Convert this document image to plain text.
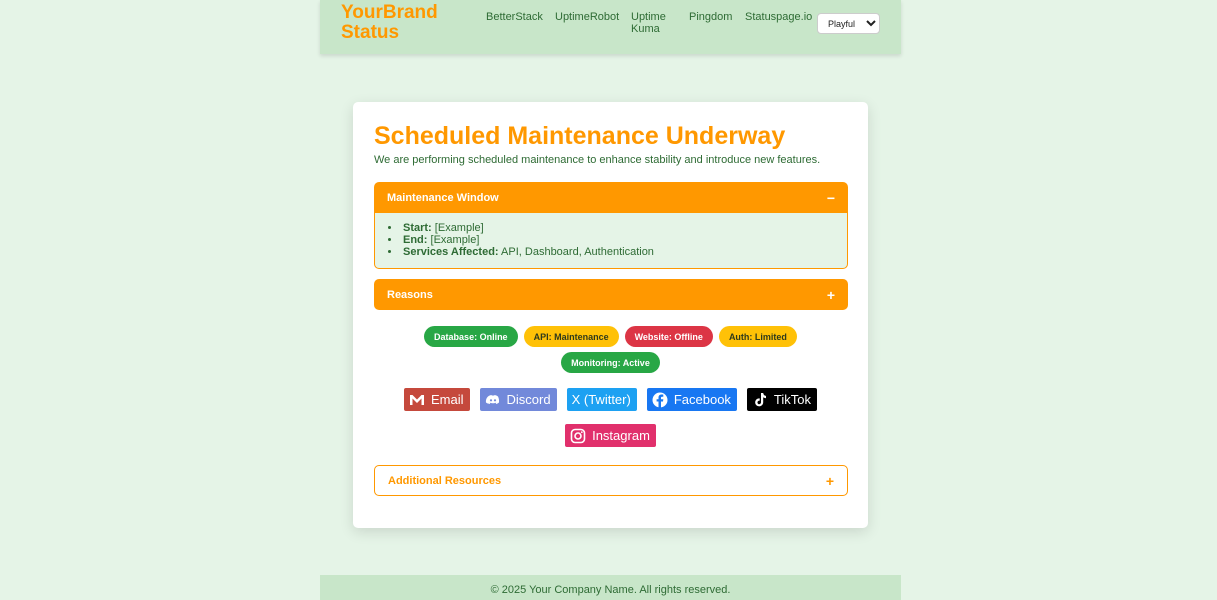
YourBrand
Status
BetterStack UptimeRobot Uptime Kuma
Pingdom Statuspage.io
Playful
Scheduled Maintenance Underway

We are performing scheduled maintenance to enhance stability and introduce new features.

Maintenance Window	−
• Start: [Example]
• End: [Example]
• Services Affected: API, Dashboard, Authentication
Reasons	+
Database: Online	API: Maintenance	Website: Offline	Auth: Limited
Monitoring: Active
Email	Discord X (Twitter)	Facebook	TikTok
Instagram
Additional Resources	+
© 2025 Your Company Name. All rights reserved.
